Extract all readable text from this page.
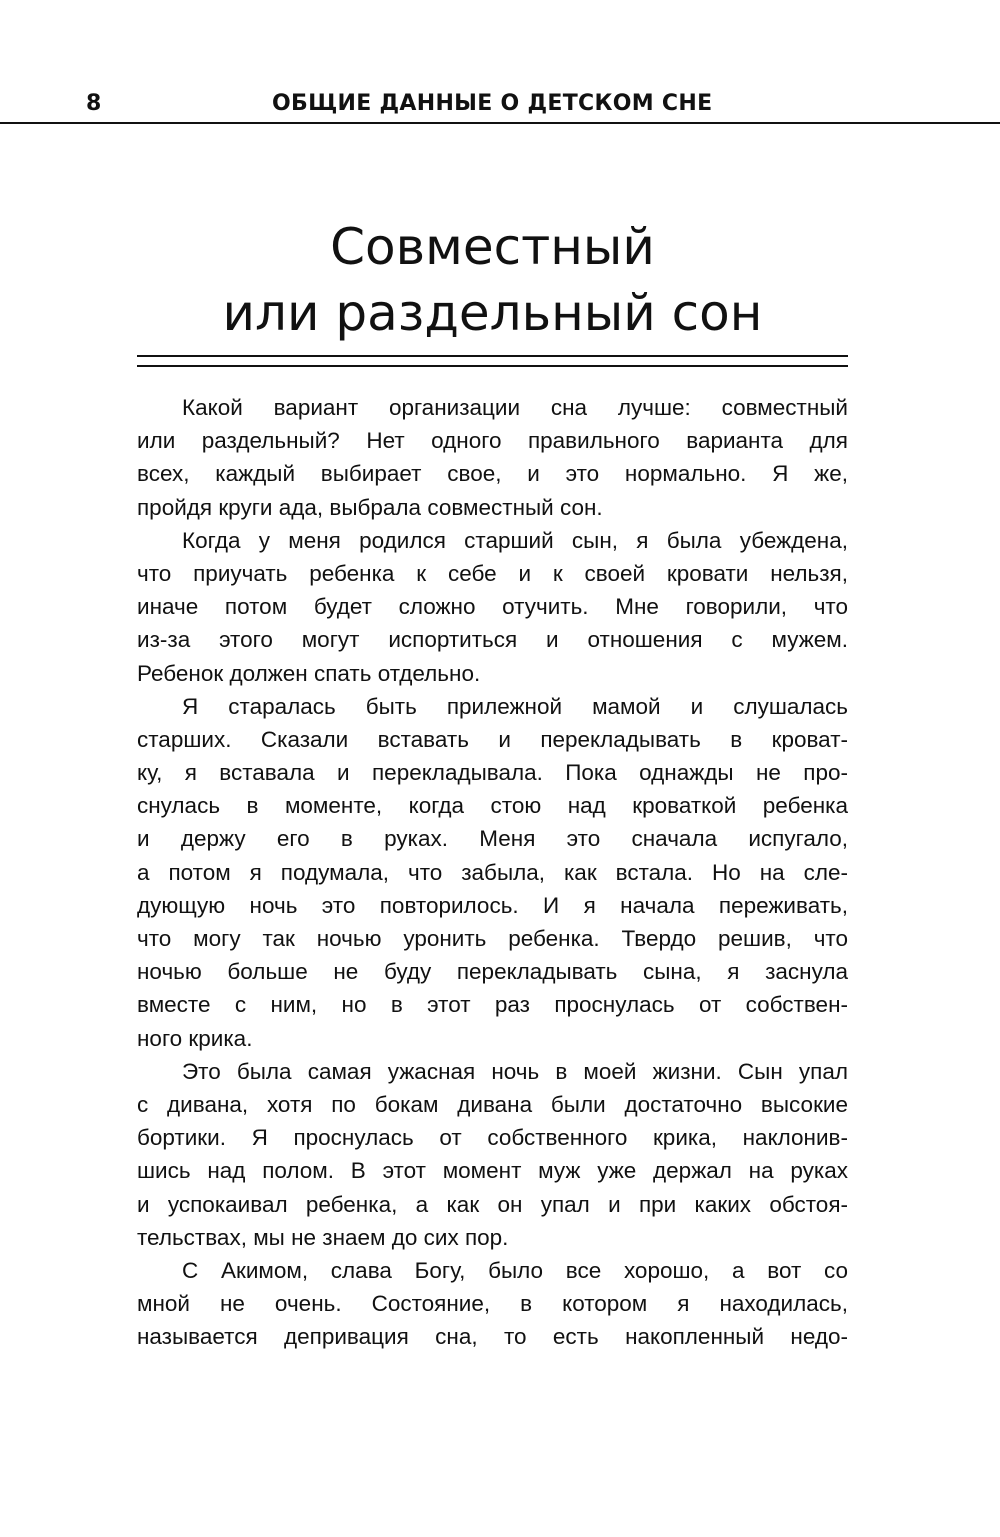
8	ОБЩИЕ ДАННЫЕ О ДЕТСКОМ СНЕ
Совместный
или раздельный сон
Какой вариант организации сна лучше: совместный
или раздельный? Нет одного правильного варианта для
всех, каждый выбирает свое, и это нормально. Я же,
пройдя круги ада, выбрала совместный сон.
Когда у меня родился старший сын, я была убеждена,
что приучать ребенка к себе и к своей кровати нельзя,
иначе потом будет сложно отучить. Мне говорили, что
из-за этого могут испортиться и отношения с мужем.
Ребенок должен спать отдельно.
Я старалась быть прилежной мамой и слушалась
старших. Сказали вставать и перекладывать в кроват-
ку, я вставала и перекладывала. Пока однажды не про-
снулась в моменте, когда стою над кроваткой ребенка
и держу его в руках. Меня это сначала испугало,
а потом я подумала, что забыла, как встала. Но на сле-
дующую ночь это повторилось. И я начала переживать,
что могу так ночью уронить ребенка. Твердо решив, что
ночью больше не буду перекладывать сына, я заснула
вместе с ним, но в этот раз проснулась от собствен-
ного крика.
Это была самая ужасная ночь в моей жизни. Сын упал
с дивана, хотя по бокам дивана были достаточно высокие
бортики. Я проснулась от собственного крика, наклонив-
шись над полом. В этот момент муж уже держал на руках
и успокаивал ребенка, а как он упал и при каких обстоя-
тельствах, мы не знаем до сих пор.
С Акимом, слава Богу, было все хорошо, а вот со
мной не очень. Состояние, в котором я находилась,
называется депривация сна, то есть накопленный недо-
